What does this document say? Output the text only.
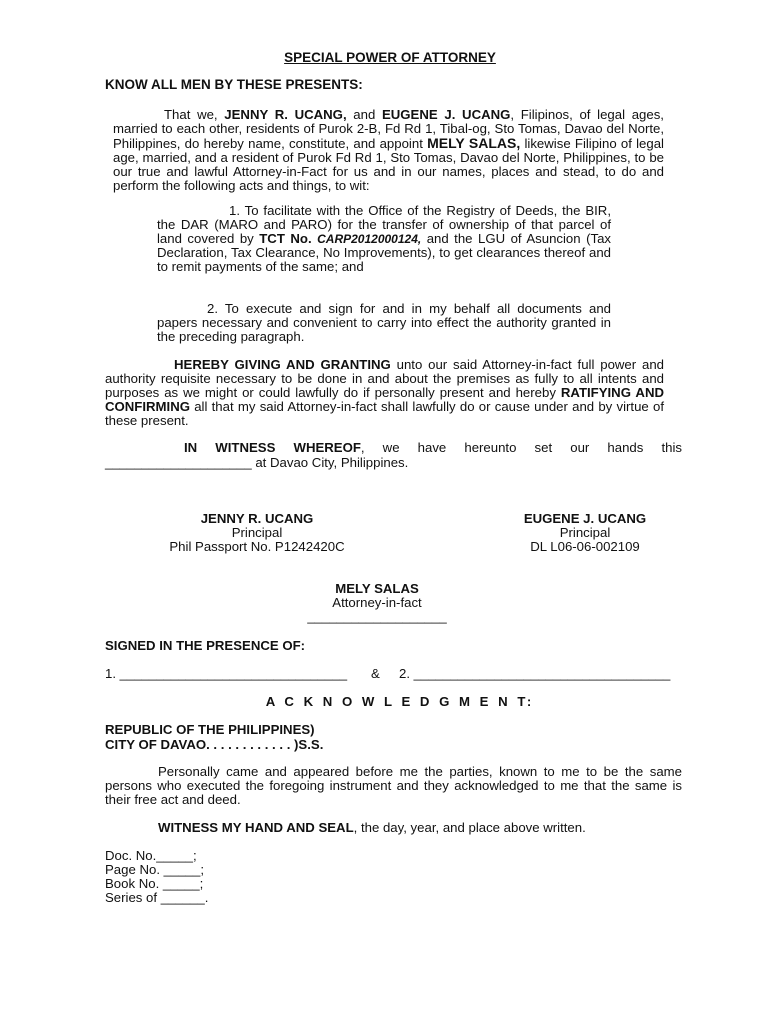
SPECIAL POWER OF ATTORNEY
KNOW ALL MEN BY THESE PRESENTS:
That we, JENNY R. UCANG, and EUGENE J. UCANG, Filipinos, of legal ages, married to each other, residents of Purok 2-B, Fd Rd 1, Tibal-og, Sto Tomas, Davao del Norte, Philippines, do hereby name, constitute, and appoint MELY SALAS, likewise Filipino of legal age, married, and a resident of Purok Fd Rd 1, Sto Tomas, Davao del Norte, Philippines, to be our true and lawful Attorney-in-Fact for us and in our names, places and stead, to do and perform the following acts and things, to wit:
1. To facilitate with the Office of the Registry of Deeds, the BIR, the DAR (MARO and PARO) for the transfer of ownership of that parcel of land covered by TCT No. CARP2012000124, and the LGU of Asuncion (Tax Declaration, Tax Clearance, No Improvements), to get clearances thereof and to remit payments of the same; and
2. To execute and sign for and in my behalf all documents and papers necessary and convenient to carry into effect the authority granted in the preceding paragraph.
HEREBY GIVING AND GRANTING unto our said Attorney-in-fact full power and authority requisite necessary to be done in and about the premises as fully to all intents and purposes as we might or could lawfully do if personally present and hereby RATIFYING AND CONFIRMING all that my said Attorney-in-fact shall lawfully do or cause under and by virtue of these present.
IN WITNESS WHEREOF, we have hereunto set our hands this
____________________ at Davao City, Philippines.
JENNY R. UCANG
Principal
Phil Passport No. P1242420C
EUGENE J. UCANG
Principal
DL L06-06-002109
MELY SALAS
Attorney-in-fact
___________________
SIGNED IN THE PRESENCE OF:
1. _______________________________ & 2. ___________________________________
A C K N O W L E D G M E N T:
REPUBLIC OF THE PHILIPPINES)
CITY OF DAVAO. . . . . . . . . . . . )S.S.
Personally came and appeared before me the parties, known to me to be the same persons who executed the foregoing instrument and they acknowledged to me that the same is their free act and deed.
WITNESS MY HAND AND SEAL, the day, year, and place above written.
Doc. No._____;
Page No. _____;
Book No. _____;
Series of ______.
